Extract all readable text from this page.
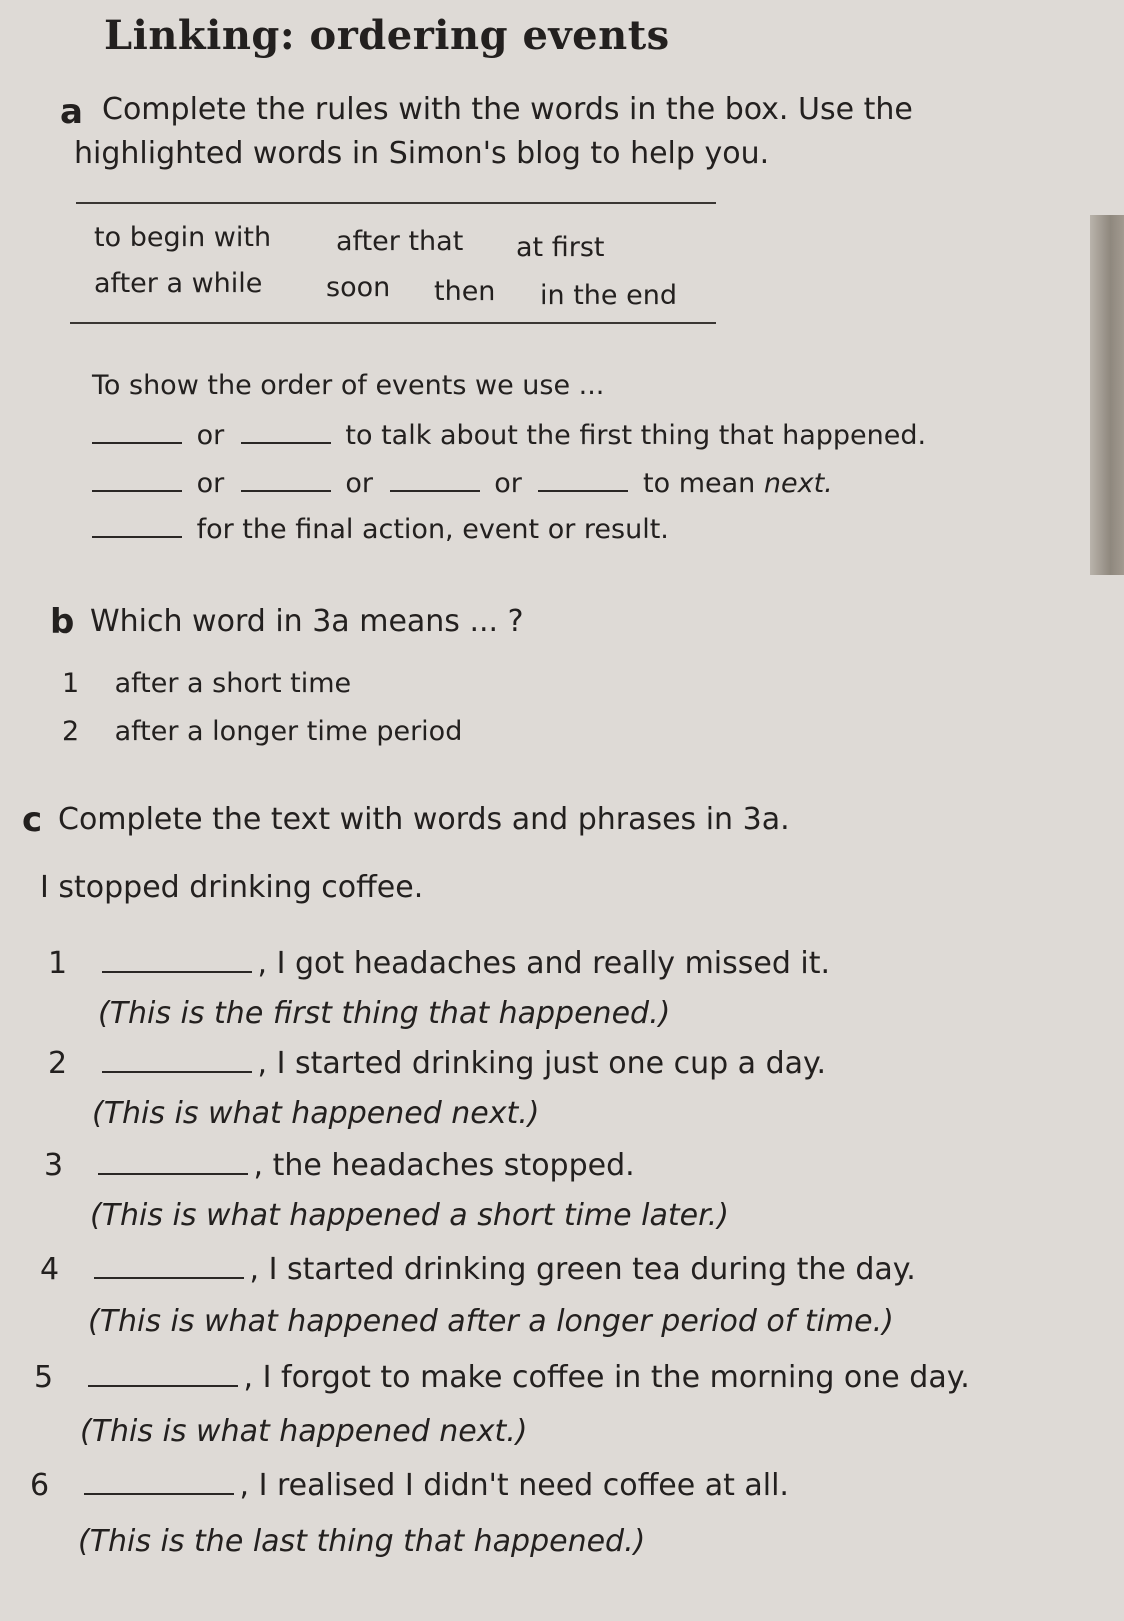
Linking: ordering events
a Complete the rules with the words in the box. Use the
highlighted words in Simon's blog to help you.
to begin with after that at first
after a while soon then in the end
To show the order of events we use ...
or	to talk about the first thing that happened.
or	or	or	to mean next.
for the final action, event or result.
b Which word in 3a means ... ?
1 after a short time
2 after a longer time period
c Complete the text with words and phrases in 3a.
I stopped drinking coffee.
1	, I got headaches and really missed it.
(This is the first thing that happened.)
2	, I started drinking just one cup a day.
(This is what happened next.)
3	, the headaches stopped.
(This is what happened a short time later.)
4	, I started drinking green tea during the day.
(This is what happened after a longer period of time.)
5	, I forgot to make coffee in the morning one day.
(This is what happened next.)
6	, I realised I didn't need coffee at all.
(This is the last thing that happened.)
